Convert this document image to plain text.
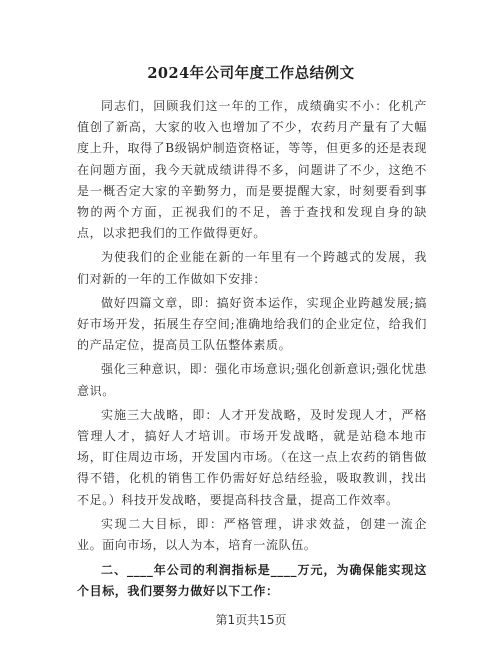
2024年公司年度工作总结例文

同志们，回顾我们这一年的工作，成绩确实不小：化机产值创了新高，大家的收入也增加了不少，农药月产量有了大幅度上升，取得了B级锅炉制造资格证，等等，但更多的还是表现在问题方面，我今天就成绩讲得不多，问题讲了不少，这绝不是一概否定大家的辛勤努力，而是要提醒大家，时刻要看到事物的两个方面，正视我们的不足，善于查找和发现自身的缺点，以求把我们的工作做得更好。

为使我们的企业能在新的一年里有一个跨越式的发展，我们对新的一年的工作做如下安排：

做好四篇文章，即：搞好资本运作，实现企业跨越发展;搞好市场开发，拓展生存空间;准确地给我们的企业定位，给我们的产品定位，提高员工队伍整体素质。

强化三种意识，即：强化市场意识;强化创新意识;强化忧患意识。

实施三大战略，即：人才开发战略，及时发现人才，严格管理人才，搞好人才培训。市场开发战略，就是站稳本地市场，盯住周边市场，开发国内市场。（在这一点上农药的销售做得不错，化机的销售工作仍需好好总结经验，吸取教训，找出不足。）科技开发战略，要提高科技含量，提高工作效率。

实现二大目标，即：严格管理，讲求效益，创建一流企业。面向市场，以人为本，培育一流队伍。

二、____年公司的利润指标是____万元，为确保能实现这个目标，我们要努力做好以下工作：

第1页共15页
